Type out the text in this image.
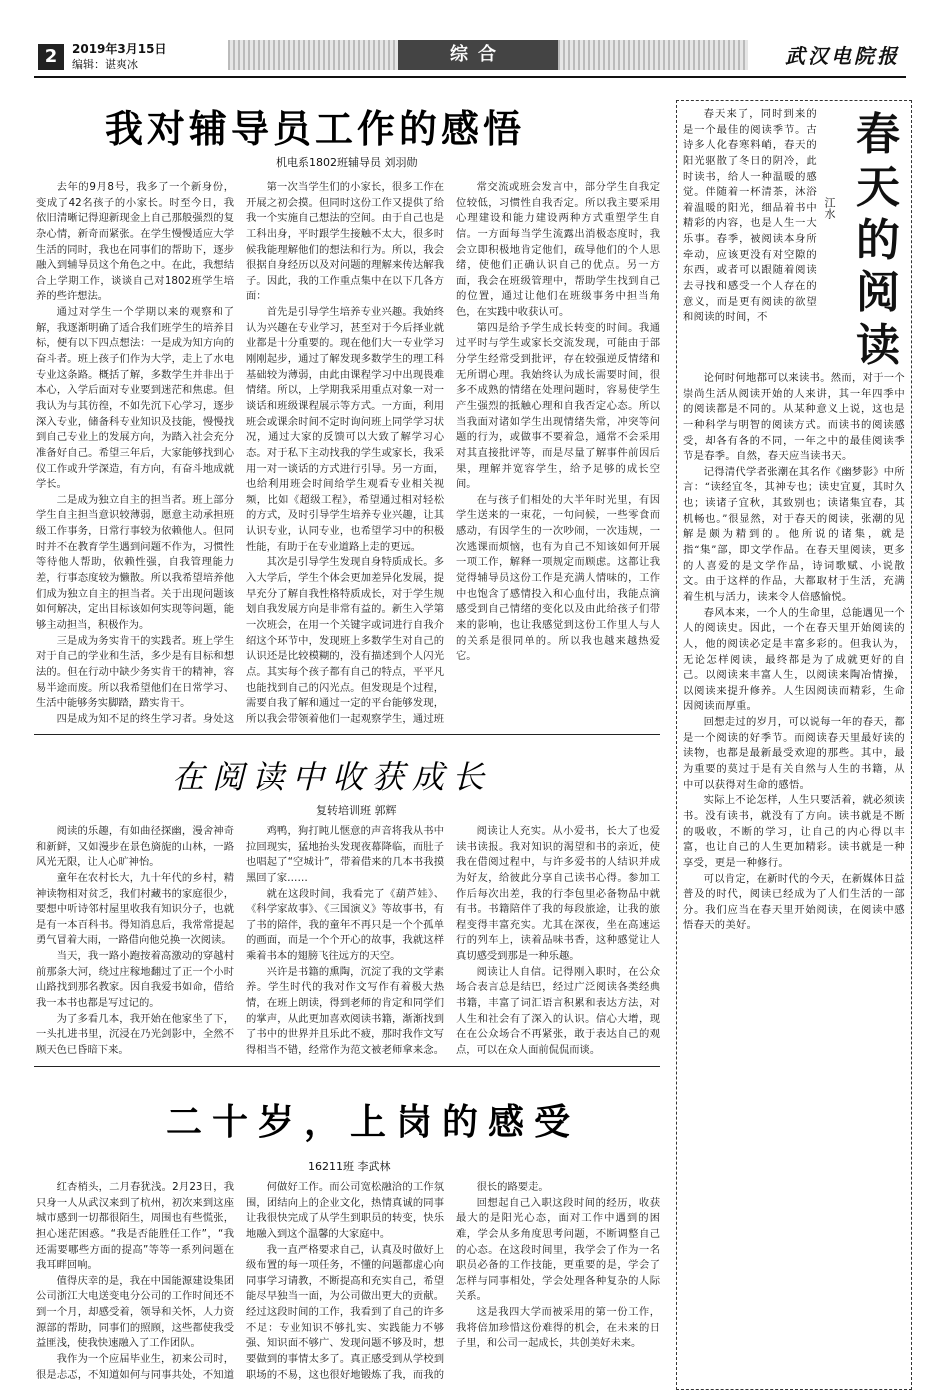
2	2019年3月15日
编辑：谌爽冰	综合	武汉电院报
我对辅导员工作的感悟
机电系1802班辅导员 刘羽勋

去年的9月8号，我多了一个新身份，变成了42名孩子的小家长。时至今日，我依旧清晰记得迎新现金上自己那般强烈的复杂心情，新奇而紧张。在学生慢慢适应大学生活的同时，我也在同事们的帮助下，逐步融入到辅导员这个角色之中。在此，我想结合上学期工作，谈谈自己对1802班学生培养的些许想法。

通过对学生一个学期以来的观察和了解，我逐渐明确了适合我们班学生的培养目标，便有以下四点想法：一是成为知方向的奋斗者。班上孩子们作为大学，走上了水电专业这条路。概括了解，多数学生并非出于本心，入学后面对专业要到迷茫和焦虑。但我认为与其彷徨，不如先沉下心学习，逐步深入专业，储备科专业知识及技能，慢慢找到自己专业上的发展方向，为踏入社会充分准备好自己。希望三年后，大家能够找到心仪工作或升学深造，有方向，有奋斗地成就学长。

二是成为独立自主的担当者。班上部分学生自主担当意识较薄弱，愿意主动承担班级工作事务，日常行事较为依赖他人。但同时并不在教育学生遇到问题不作为，习惯性等待他人帮助，依赖性强，自我管理能力差，行事态度较为懒散。所以我希望培养他们成为独立自主的担当者。关于出现问题该如何解决，定出目标该如何实现等问题，能够主动担当，积极作为。

三是成为务实肯干的实践者。班上学生对于自己的学业和生活，多少是有目标和想法的。但在行动中缺少务实肯干的精神，容易半途而废。所以我希望他们在日常学习、生活中能够务实脚踏，踏实肯干。

四是成为知不足的终生学习者。身处这

第一次当学生们的小家长，很多工作在开展之初会摸。但同时这份工作又提供了给我一个实施自己想法的空间。由于自己也是工科出身，平时跟学生接触不太大，很多时候我能理解他们的想法和行为。所以，我会很据自身经历以及对问题的理解来传达解我子。因此，我的工作重点集中在以下几各方面：

首先是引导学生培养专业兴趣。我始终认为兴趣在专业学习，甚至对于今后择业就业都是十分重要的。现在他们大一专业学习刚刚起步，通过了解发现多数学生的理工科基础较为薄弱，由此由课程学习中出现畏难情绪。所以，上学期我采用重点对象一对一谈话和班级课程展示等方式。一方面，利用班会或课余时间不定时询问班上同学学习状况，通过大家的反馈可以大致了解学习心态。对于私下主动找我的学生或家长，我采用一对一谈话的方式进行引导。另一方面，也给利用班会时间给学生观看专业相关视频，比如《超级工程》，希望通过相对轻松的方式，及时引导学生培养专业兴趣，让其认识专业，认同专业，也希望学习中的积极性能，有助于在专业道路上走的更远。

其次是引导学生发现自身特质成长。多入大学后，学生个体会更加差异化发展，提早充分了解自我性格特质成长，对于学生规划自我发展方向是非常有益的。新生入学第一次班会，在用一个关键字或词进行自我介绍这个环节中，发现班上多数学生对自己的认识还是比较模糊的，没有描述到个人闪光点。其实每个孩子都有自己的特点，平平凡也能找到自己的闪光点。但发现是个过程，需要自我了解和通过一定的平台能够发现，所以我会带领着他们一起观察学生，通过班

常交流或班会发言中，部分学生自我定位较低，习惯性自我否定。所以我主要采用心理建设和能力建设两种方式重塑学生自信。一方面每当学生流露出消极态度时，我会立即积极地肯定他们，疏导他们的个人思绪，使他们正确认识自己的优点。另一方面，我会在班级管理中，帮助学生找到自己的位置，通过让他们在班级事务中担当角色，在实践中收获认可。

第四是给予学生成长转变的时间。我通过平时与学生或家长交流发现，可能由于部分学生经常受到批评，存在较强逆反情绪和无所谓心理。我始终认为成长需要时间，很多不成熟的情绪在处理问题时，容易使学生产生强烈的抵触心理和自我否定心态。所以当我面对诸如学生出现情绪失常，冲突等问题的行为，或做事不要着急，通常不会采用对其直接批评等，而是尽量了解事件前因后果，理解并宽容学生，给予足够的成长空间。

在与孩子们相处的大半年时光里，有因学生送来的一束花，一句问候，一些零食而感动，有因学生的一次吵闹，一次违规，一次逃课而烦恼，也有为自己不知该如何开展一项工作，解释一项规定而顾虑。这都让我觉得辅导员这份工作是充满人情味的，工作中也饱含了感情投入和心血付出，我能点滴感受到自己情绪的变化以及由此给孩子们带来的影响，也让我感觉到这份工作里人与人的关系是很同单的。所以我也越来越热爱它。

在阅读中收获成长
复转培训班 郭辉

阅读的乐趣，有如曲径探幽，漫舍神奇和新鲜，又如漫步在景色旖旎的山林，一路风光无限，让人心旷神怡。

童年在农村长大，九十年代的乡村，精神读物相对贫乏，我们村藏书的家庭很少，要想中听诗邻村屋里收我有知识分子，也就是有一本百科书。得知消息后，我常常提起勇气冒着大雨，一路借向他兑换一次阅读。

当天，我一路小跑按着高激动的穿越村前那条大河，绕过庄稼地翻过了正一个小时山路找到那名教家。因自我爱书如命，借给我一本书也都是写过记的。

为了多看几本，我开始在他家坐了下，一头扎进书里，沉浸在乃光剑影中，全然不顾天色已昏暗下来。

鸡鸭，狗打盹儿惬意的声音将我从书中拉回现实，猛地抬头发现夜幕降临，而肚子也唱起了“空城计”，带着借来的几本书我摸黑回了家……

就在这段时间，我看完了《葫芦娃》、《科学家故事》、《三国演义》等故事书，有了书的陪伴，我的童年不再只是一个个孤单的画面，而是一个个开心的故事，我就这样乘着书本的翅膀飞往远方的天空。

兴许是书籍的熏陶，沉淀了我的文学素养。学生时代的我对作文写作有着极大热情，在班上朗读，得到老师的肯定和同学们的掌声，从此更加喜欢阅读书籍，渐渐找到了书中的世界并且乐此不疲，那时我作文写得相当不错，经常作为范文被老师拿来念。

阅读让人充实。从小爱书，长大了也爱读书读报。我对知识的渴望和书的亲近，使我在借阅过程中，与许多爱书的人结识并成为好友，给彼此分享自己读书心得。参加工作后每次出差，我的行李包里必备物品中就有书。书籍陪伴了我的每段旅途，让我的旅程变得丰富充实。尤其在深夜，坐在高速运行的列车上，读着品味书香，这种感觉让人真切感受到那是一种乐趣。

阅读让人自信。记得刚入职时，在公众场合表言总是结巴，经过广泛阅读各类经典书籍，丰富了词汇语言积累和表达方法，对人生和社会有了深入的认识。信心大增，现在在公众场合不再紧张，敢于表达自己的观点，可以在众人面前侃侃而谈。

二十岁，上岗的感受
16211班 李武林

红杏梢头，二月春犹浅。2月23日，我只身一人从武汉来到了杭州，初次来到这座城市感到一切都很陌生，周围也有些慌张，担心迷茫困惑。“我是否能胜任工作”，“我还需要哪些方面的提高”等等一系列问题在我耳畔回响。

值得庆幸的是，我在中国能源建设集团公司浙江大电送变电分公司的工作时间还不到一个月，却感受着，领导和关怀，人力资源部的帮助，同事们的照顾，这些都使我受益匪浅，使我快速融入了工作团队。

我作为一个应届毕业生，初来公司时，很是忐忑，不知道如何与同事共处，不知道

何做好工作。而公司宽松融洽的工作氛围，团结向上的企业文化，热情真诚的同事让我很快完成了从学生到职员的转变，快乐地融入到这个温馨的大家庭中。

我一直严格要求自己，认真及时做好上级布置的每一项任务，不懂的问题都虚心向同事学习请教，不断提高和充实自己，希望能尽早独当一面，为公司做出更大的贡献。经过这段时间的工作，我看到了自己的许多不足：专业知识不够扎实、实践能力不够强、知识面不够广、发现问题不够及时，想要做到的事情太多了。真正感受到从学校到职场的不易，这也很好地锻炼了我，而我的

很长的路要走。

回想起自己入职这段时间的经历，收获最大的是阳光心态，面对工作中遇到的困难，学会从多角度思考问题，不断调整自己的心态。在这段时间里，我学会了作为一名职员必备的工作技能，更重要的是，学会了怎样与同事相处，学会处理各种复杂的人际关系。

这是我四大学而被采用的第一份工作，我将倍加珍惜这份难得的机会，在未来的日子里，和公司一起成长，共创美好未来。

春天来了，同时到来的是一个最佳的阅读季节。古诗多人化春寒料峭，春天的阳光驱散了冬日的阴冷，此时读书，给人一种温暖的感觉。伴随着一杯清茶，沐浴着温暖的阳光，细品着书中精彩的内容，也是人生一大乐事。春季，被阅读本身所牵动，应该更没有对空隙的东西，或者可以跟随着阅读去寻找和感受一个人存在的意义，而是更有阅读的欲望和阅读的时间，不

春天的阅读
江水

论何时何地都可以来读书。然而，对于一个崇尚生活从阅读开始的人来讲，其一年四季中的阅读都是不同的。从某种意义上说，这也是一种科学与明智的阅读方式。而读书的阅读感受，却各有各的不同，一年之中的最佳阅读季节是春季。自然，春天应当读书天。

记得清代学者张潮在其名作《幽梦影》中所言：“读经宜冬，其神专也；读史宜夏，其时久也；读诸子宜秋，其致别也；读诸集宜春，其机畅也。”很显然，对于春天的阅读，张潮的见解是颇为精到的。他所说的诸集，就是指“集”部，即文学作品。在春天里阅读，更多的人喜爱的是文学作品，诗词歌赋、小说散文。由于这样的作品，大都取材于生活，充满着生机与活力，读来令人倍感愉悦。

春风本来，一个人的生命里，总能遇见一个人的阅读史。因此，一个在春天里开始阅读的人，他的阅读必定是丰富多彩的。但我认为，无论怎样阅读，最终都是为了成就更好的自己。以阅读来丰富人生，以阅读来陶冶情操，以阅读来提升修养。人生因阅读而精彩，生命因阅读而厚重。

回想走过的岁月，可以说每一年的春天，都是一个阅读的好季节。而阅读春天里最好读的读物，也都是最新最受欢迎的那些。其中，最为重要的莫过于是有关自然与人生的书籍，从中可以获得对生命的感悟。

实际上不论怎样，人生只要活着，就必须读书。没有读书，就没有了方向。读书就是不断的吸收，不断的学习，让自己的内心得以丰富，也让自己的人生更加精彩。读书就是一种享受，更是一种修行。

可以肯定，在新时代的今天，在新媒体日益普及的时代，阅读已经成为了人们生活的一部分。我们应当在春天里开始阅读，在阅读中感悟春天的美好。
